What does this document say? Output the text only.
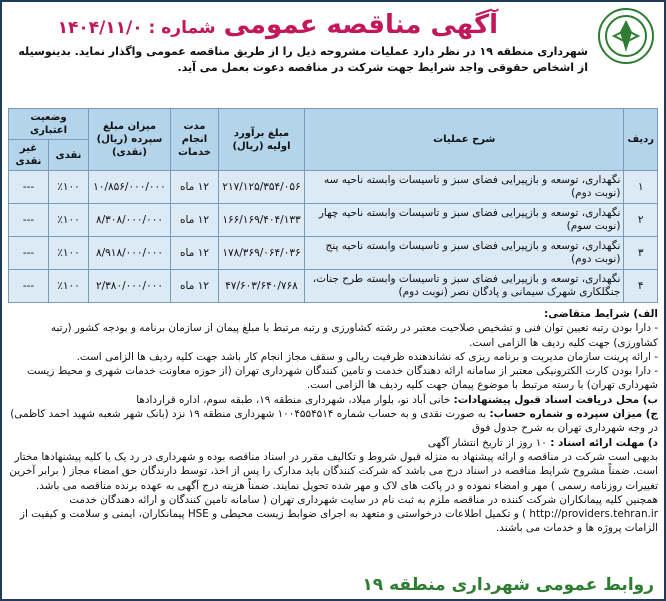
آگهی مناقصه عمومی
شماره : ۱۴۰۴/۱۱/۰
شهرداری منطقه ۱۹ در نظر دارد عملیات مشروحه ذیل را از طریق مناقصه عمومی واگذار نماید. بدینوسیله از اشخاص حقوقی واجد شرایط جهت شرکت در مناقصه دعوت بعمل می آید.
ردیف	شرح عملیات	مبلغ برآورد اولیه (ریال)	مدت انجام خدمات	میزان مبلغ سپرده (ریال) (نقدی)	وضعیت اعتباری	
					نقدی	غیر نقدی
۱	نگهداری، توسعه و بازپیرایی فضای سبز و تاسیسات وابسته ناحیه سه (نوبت دوم)	۲۱۷/۱۲۵/۳۵۴/۰۵۶	۱۲ ماه	۱۰/۸۵۶/۰۰۰/۰۰۰	٪۱۰۰	---
۲	نگهداری، توسعه و بازپیرایی فضای سبز و تاسیسات وابسته ناحیه چهار (نوبت سوم)	۱۶۶/۱۶۹/۴۰۴/۱۳۳	۱۲ ماه	۸/۳۰۸/۰۰۰/۰۰۰	٪۱۰۰	---
۳	نگهداری، توسعه و بازپیرایی فضای سبز و تاسیسات وابسته ناحیه پنج (نوبت دوم)	۱۷۸/۳۶۹/۰۶۴/۰۳۶	۱۲ ماه	۸/۹۱۸/۰۰۰/۰۰۰	٪۱۰۰	---
۴	نگهداری، توسعه و بازپیرایی فضای سبز و تاسیسات وابسته طرح جنات، جنگلکاری شهرک سیمانی و پادگان نصر (نوبت دوم)	۴۷/۶۰۳/۶۴۰/۷۶۸	۱۲ ماه	۲/۳۸۰/۰۰۰/۰۰۰	٪۱۰۰	---

الف) شرایط متقاضی:

- دارا بودن رتبه تعیین توان فنی و تشخیص صلاحیت معتبر در رشته کشاورزی و رتبه مرتبط با مبلغ پیمان از سازمان برنامه و بودجه کشور (رتبه کشاورزی) جهت کلیه ردیف ها الزامی است.

- ارائه پرینت سازمان مدیریت و برنامه ریزی که نشاندهنده ظرفیت ریالی و سقف مجاز انجام کار باشد جهت کلیه ردیف ها الزامی است.

- دارا بودن کارت الکترونیکی معتبر از سامانه ارائه دهندگان خدمت و تامین کنندگان شهرداری تهران (از حوزه معاونت خدمات شهری و محیط زیست شهرداری تهران) با رسته مرتبط با موضوع پیمان جهت کلیه ردیف ها الزامی است.

ب) محل دریافت اسناد قبول پیشنهادات: خانی آباد نو، بلوار میلاد، شهرداری منطقه ۱۹، طبقه سوم، اداره قراردادها

ج) میزان سپرده و شماره حساب: به صورت نقدی و به حساب شماره ۱۰۰۴۵۵۴۵۱۴ شهرداری منطقه ۱۹ نزد (بانک شهر شعبه شهید احمد کاظمی) در وجه شهرداری تهران به شرح جدول فوق

د) مهلت ارائه اسناد : ۱۰ روز از تاریخ انتشار آگهی

بدیهی است شرکت در مناقصه و ارائه پیشنهاد به منزله قبول شروط و تکالیف مقرر در اسناد مناقصه بوده و شهرداری در رد یک یا کلیه پیشنهادها مختار است. ضمناً مشروح شرایط مناقصه در اسناد درج می باشد که شرکت کنندگان باید مدارک را پس از اخذ، توسط دارندگان حق امضاء مجاز ( برابر آخرین تغییرات روزنامه رسمی ) مهر و امضاء نموده و در پاکت های لاک و مهر شده تحویل نمایند. ضمناً هزینه درج آگهی به عهده برنده مناقصه می باشد. همچنین کلیه پیمانکاران شرکت کننده در مناقصه ملزم به ثبت نام در سایت شهرداری تهران ( سامانه تامین کنندگان و ارائه دهندگان خدمت http://providers.tehran.ir ) و تکمیل اطلاعات درخواستی و متعهد به اجرای ضوابط زیست محیطی و HSE پیمانکاران، ایمنی و سلامت و کیفیت از الزامات پروژه ها و خدمات می باشند.

روابط عمومی شهرداری منطقه ۱۹
